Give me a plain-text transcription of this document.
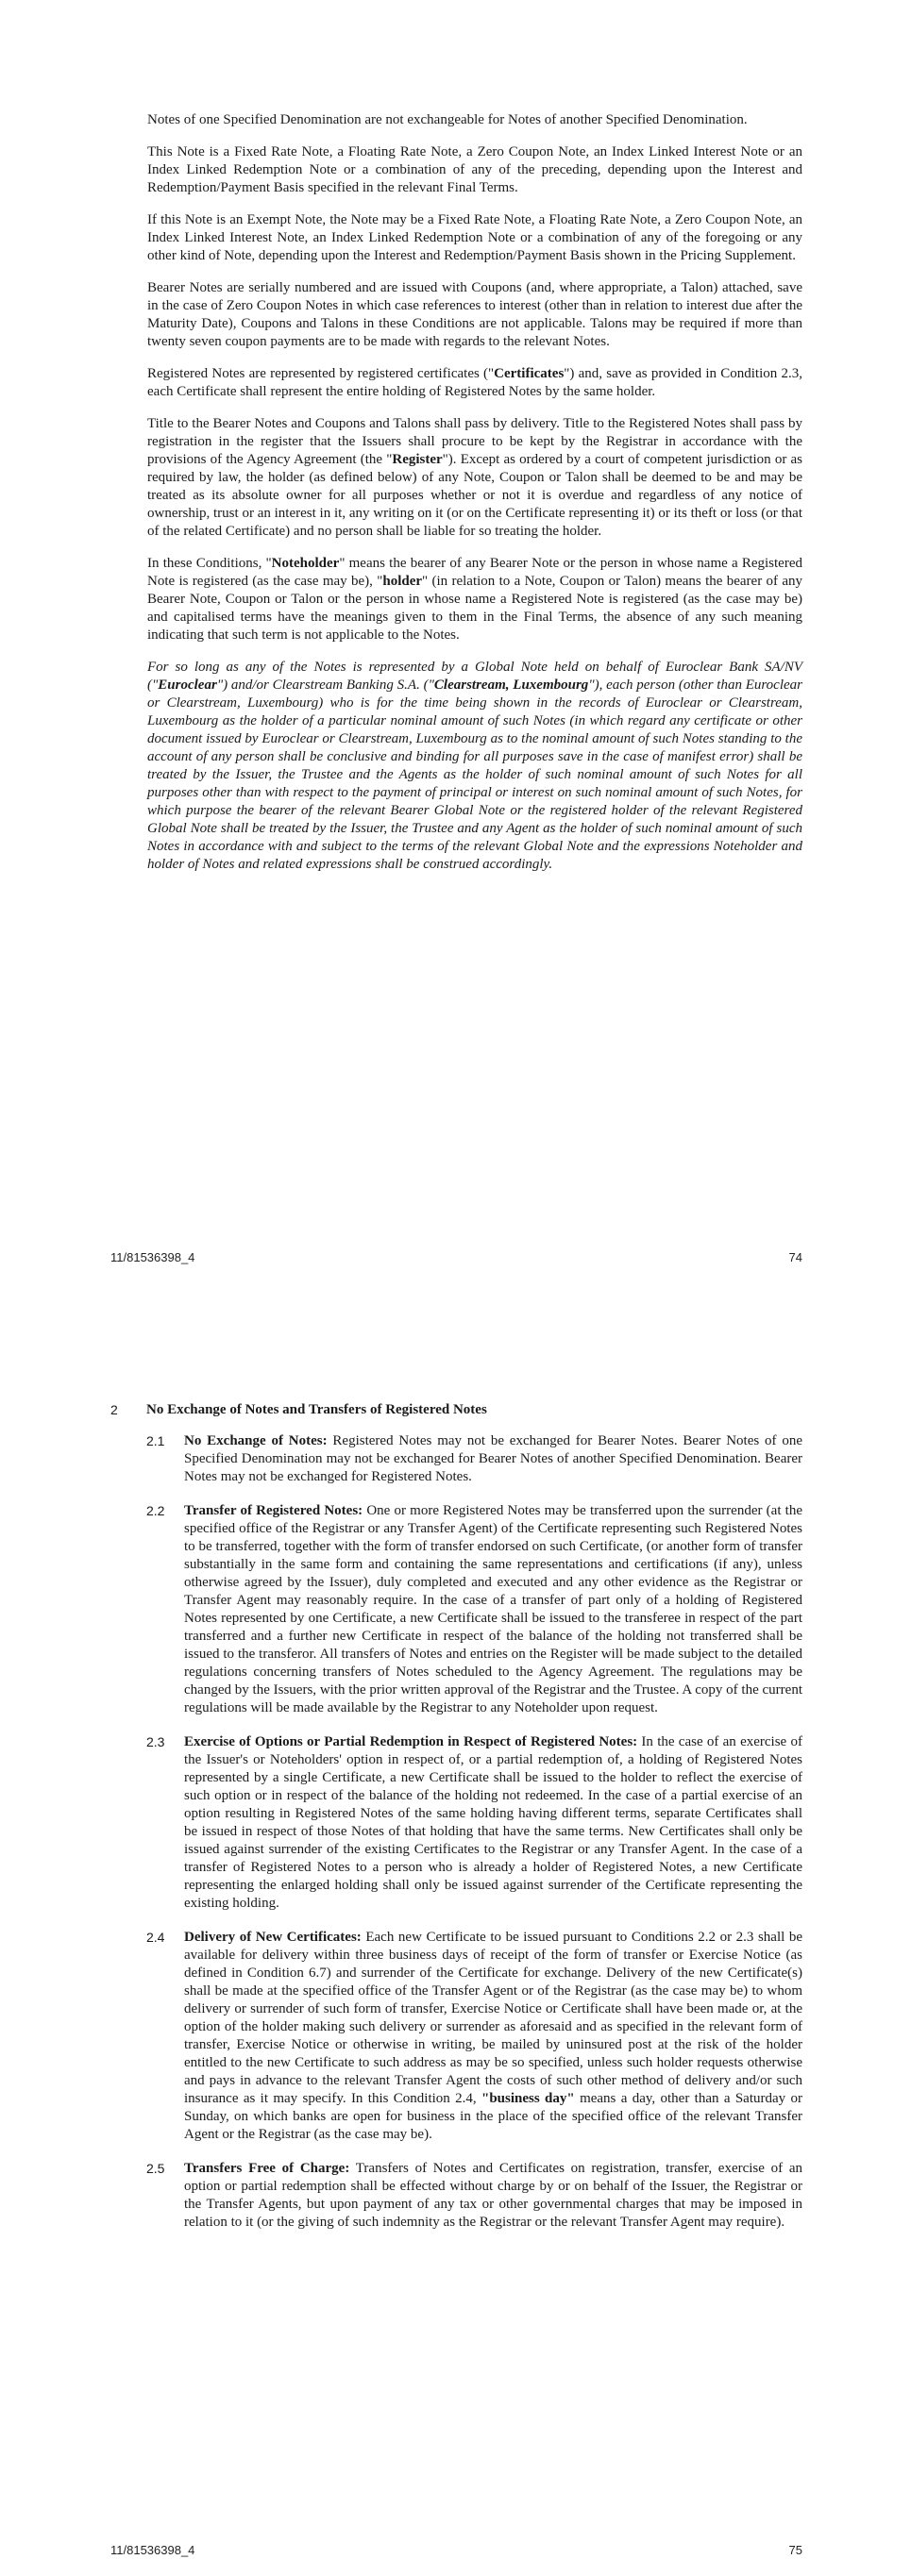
Notes of one Specified Denomination are not exchangeable for Notes of another Specified Denomination.

This Note is a Fixed Rate Note, a Floating Rate Note, a Zero Coupon Note, an Index Linked Interest Note or an Index Linked Redemption Note or a combination of any of the preceding, depending upon the Interest and Redemption/Payment Basis specified in the relevant Final Terms.

If this Note is an Exempt Note, the Note may be a Fixed Rate Note, a Floating Rate Note, a Zero Coupon Note, an Index Linked Interest Note, an Index Linked Redemption Note or a combination of any of the foregoing or any other kind of Note, depending upon the Interest and Redemption/Payment Basis shown in the Pricing Supplement.

Bearer Notes are serially numbered and are issued with Coupons (and, where appropriate, a Talon) attached, save in the case of Zero Coupon Notes in which case references to interest (other than in relation to interest due after the Maturity Date), Coupons and Talons in these Conditions are not applicable. Talons may be required if more than twenty seven coupon payments are to be made with regards to the relevant Notes.

Registered Notes are represented by registered certificates ("Certificates") and, save as provided in Condition 2.3, each Certificate shall represent the entire holding of Registered Notes by the same holder.

Title to the Bearer Notes and Coupons and Talons shall pass by delivery. Title to the Registered Notes shall pass by registration in the register that the Issuers shall procure to be kept by the Registrar in accordance with the provisions of the Agency Agreement (the "Register"). Except as ordered by a court of competent jurisdiction or as required by law, the holder (as defined below) of any Note, Coupon or Talon shall be deemed to be and may be treated as its absolute owner for all purposes whether or not it is overdue and regardless of any notice of ownership, trust or an interest in it, any writing on it (or on the Certificate representing it) or its theft or loss (or that of the related Certificate) and no person shall be liable for so treating the holder.

In these Conditions, "Noteholder" means the bearer of any Bearer Note or the person in whose name a Registered Note is registered (as the case may be), "holder" (in relation to a Note, Coupon or Talon) means the bearer of any Bearer Note, Coupon or Talon or the person in whose name a Registered Note is registered (as the case may be) and capitalised terms have the meanings given to them in the Final Terms, the absence of any such meaning indicating that such term is not applicable to the Notes.

For so long as any of the Notes is represented by a Global Note held on behalf of Euroclear Bank SA/NV ("Euroclear") and/or Clearstream Banking S.A. ("Clearstream, Luxembourg"), each person (other than Euroclear or Clearstream, Luxembourg) who is for the time being shown in the records of Euroclear or Clearstream, Luxembourg as the holder of a particular nominal amount of such Notes (in which regard any certificate or other document issued by Euroclear or Clearstream, Luxembourg as to the nominal amount of such Notes standing to the account of any person shall be conclusive and binding for all purposes save in the case of manifest error) shall be treated by the Issuer, the Trustee and the Agents as the holder of such nominal amount of such Notes for all purposes other than with respect to the payment of principal or interest on such nominal amount of such Notes, for which purpose the bearer of the relevant Bearer Global Note or the registered holder of the relevant Registered Global Note shall be treated by the Issuer, the Trustee and any Agent as the holder of such nominal amount of such Notes in accordance with and subject to the terms of the relevant Global Note and the expressions Noteholder and holder of Notes and related expressions shall be construed accordingly.

11/81536398_4	74
2	No Exchange of Notes and Transfers of Registered Notes
2.1	No Exchange of Notes: Registered Notes may not be exchanged for Bearer Notes. Bearer Notes of one Specified Denomination may not be exchanged for Bearer Notes of another Specified Denomination. Bearer Notes may not be exchanged for Registered Notes.
2.2	Transfer of Registered Notes: One or more Registered Notes may be transferred upon the surrender (at the specified office of the Registrar or any Transfer Agent) of the Certificate representing such Registered Notes to be transferred, together with the form of transfer endorsed on such Certificate, (or another form of transfer substantially in the same form and containing the same representations and certifications (if any), unless otherwise agreed by the Issuer), duly completed and executed and any other evidence as the Registrar or Transfer Agent may reasonably require. In the case of a transfer of part only of a holding of Registered Notes represented by one Certificate, a new Certificate shall be issued to the transferee in respect of the part transferred and a further new Certificate in respect of the balance of the holding not transferred shall be issued to the transferor. All transfers of Notes and entries on the Register will be made subject to the detailed regulations concerning transfers of Notes scheduled to the Agency Agreement. The regulations may be changed by the Issuers, with the prior written approval of the Registrar and the Trustee. A copy of the current regulations will be made available by the Registrar to any Noteholder upon request.
2.3	Exercise of Options or Partial Redemption in Respect of Registered Notes: In the case of an exercise of the Issuer's or Noteholders' option in respect of, or a partial redemption of, a holding of Registered Notes represented by a single Certificate, a new Certificate shall be issued to the holder to reflect the exercise of such option or in respect of the balance of the holding not redeemed. In the case of a partial exercise of an option resulting in Registered Notes of the same holding having different terms, separate Certificates shall be issued in respect of those Notes of that holding that have the same terms. New Certificates shall only be issued against surrender of the existing Certificates to the Registrar or any Transfer Agent. In the case of a transfer of Registered Notes to a person who is already a holder of Registered Notes, a new Certificate representing the enlarged holding shall only be issued against surrender of the Certificate representing the existing holding.
2.4	Delivery of New Certificates: Each new Certificate to be issued pursuant to Conditions 2.2 or 2.3 shall be available for delivery within three business days of receipt of the form of transfer or Exercise Notice (as defined in Condition 6.7) and surrender of the Certificate for exchange. Delivery of the new Certificate(s) shall be made at the specified office of the Transfer Agent or of the Registrar (as the case may be) to whom delivery or surrender of such form of transfer, Exercise Notice or Certificate shall have been made or, at the option of the holder making such delivery or surrender as aforesaid and as specified in the relevant form of transfer, Exercise Notice or otherwise in writing, be mailed by uninsured post at the risk of the holder entitled to the new Certificate to such address as may be so specified, unless such holder requests otherwise and pays in advance to the relevant Transfer Agent the costs of such other method of delivery and/or such insurance as it may specify. In this Condition 2.4, "business day" means a day, other than a Saturday or Sunday, on which banks are open for business in the place of the specified office of the relevant Transfer Agent or the Registrar (as the case may be).
2.5	Transfers Free of Charge: Transfers of Notes and Certificates on registration, transfer, exercise of an option or partial redemption shall be effected without charge by or on behalf of the Issuer, the Registrar or the Transfer Agents, but upon payment of any tax or other governmental charges that may be imposed in relation to it (or the giving of such indemnity as the Registrar or the relevant Transfer Agent may require).
11/81536398_4	75
